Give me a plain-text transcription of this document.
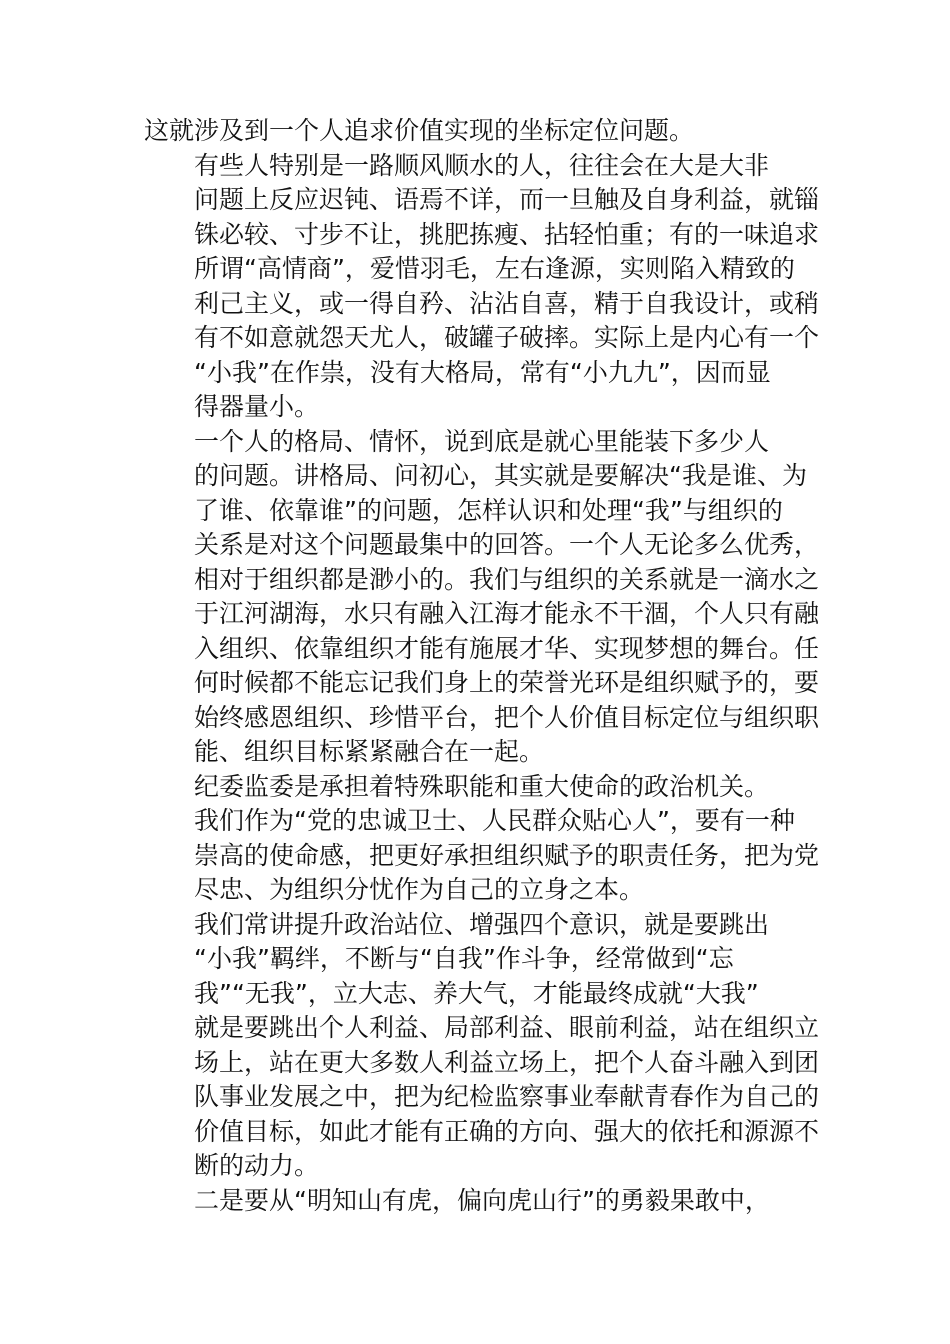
这就涉及到一个人追求价值实现的坐标定位问题。

有些人特别是一路顺风顺水的人，往往会在大是大非
问题上反应迟钝、语焉不详，而一旦触及自身利益，就锱
铢必较、寸步不让，挑肥拣瘦、拈轻怕重；有的一味追求
所谓“高情商”，爱惜羽毛，左右逢源，实则陷入精致的
利己主义，或一得自矜、沾沾自喜，精于自我设计，或稍
有不如意就怨天尤人，破罐子破摔。实际上是内心有一个
“小我”在作祟，没有大格局，常有“小九九”，因而显
得器量小。

一个人的格局、情怀，说到底是就心里能装下多少人
的问题。讲格局、问初心，其实就是要解决“我是谁、为
了谁、依靠谁”的问题，怎样认识和处理“我”与组织的
关系是对这个问题最集中的回答。一个人无论多么优秀，
相对于组织都是渺小的。我们与组织的关系就是一滴水之
于江河湖海，水只有融入江海才能永不干涸，个人只有融
入组织、依靠组织才能有施展才华、实现梦想的舞台。任
何时候都不能忘记我们身上的荣誉光环是组织赋予的，要
始终感恩组织、珍惜平台，把个人价值目标定位与组织职
能、组织目标紧紧融合在一起。

纪委监委是承担着特殊职能和重大使命的政治机关。
我们作为“党的忠诚卫士、人民群众贴心人”，要有一种
崇高的使命感，把更好承担组织赋予的职责任务，把为党
尽忠、为组织分忧作为自己的立身之本。

我们常讲提升政治站位、增强四个意识，就是要跳出
“小我”羁绊，不断与“自我”作斗争，经常做到“忘
我”“无我”，立大志、养大气，才能最终成就“大我”
就是要跳出个人利益、局部利益、眼前利益，站在组织立
场上，站在更大多数人利益立场上，把个人奋斗融入到团
队事业发展之中，把为纪检监察事业奉献青春作为自己的
价值目标，如此才能有正确的方向、强大的依托和源源不
断的动力。

二是要从“明知山有虎，偏向虎山行”的勇毅果敢中，
